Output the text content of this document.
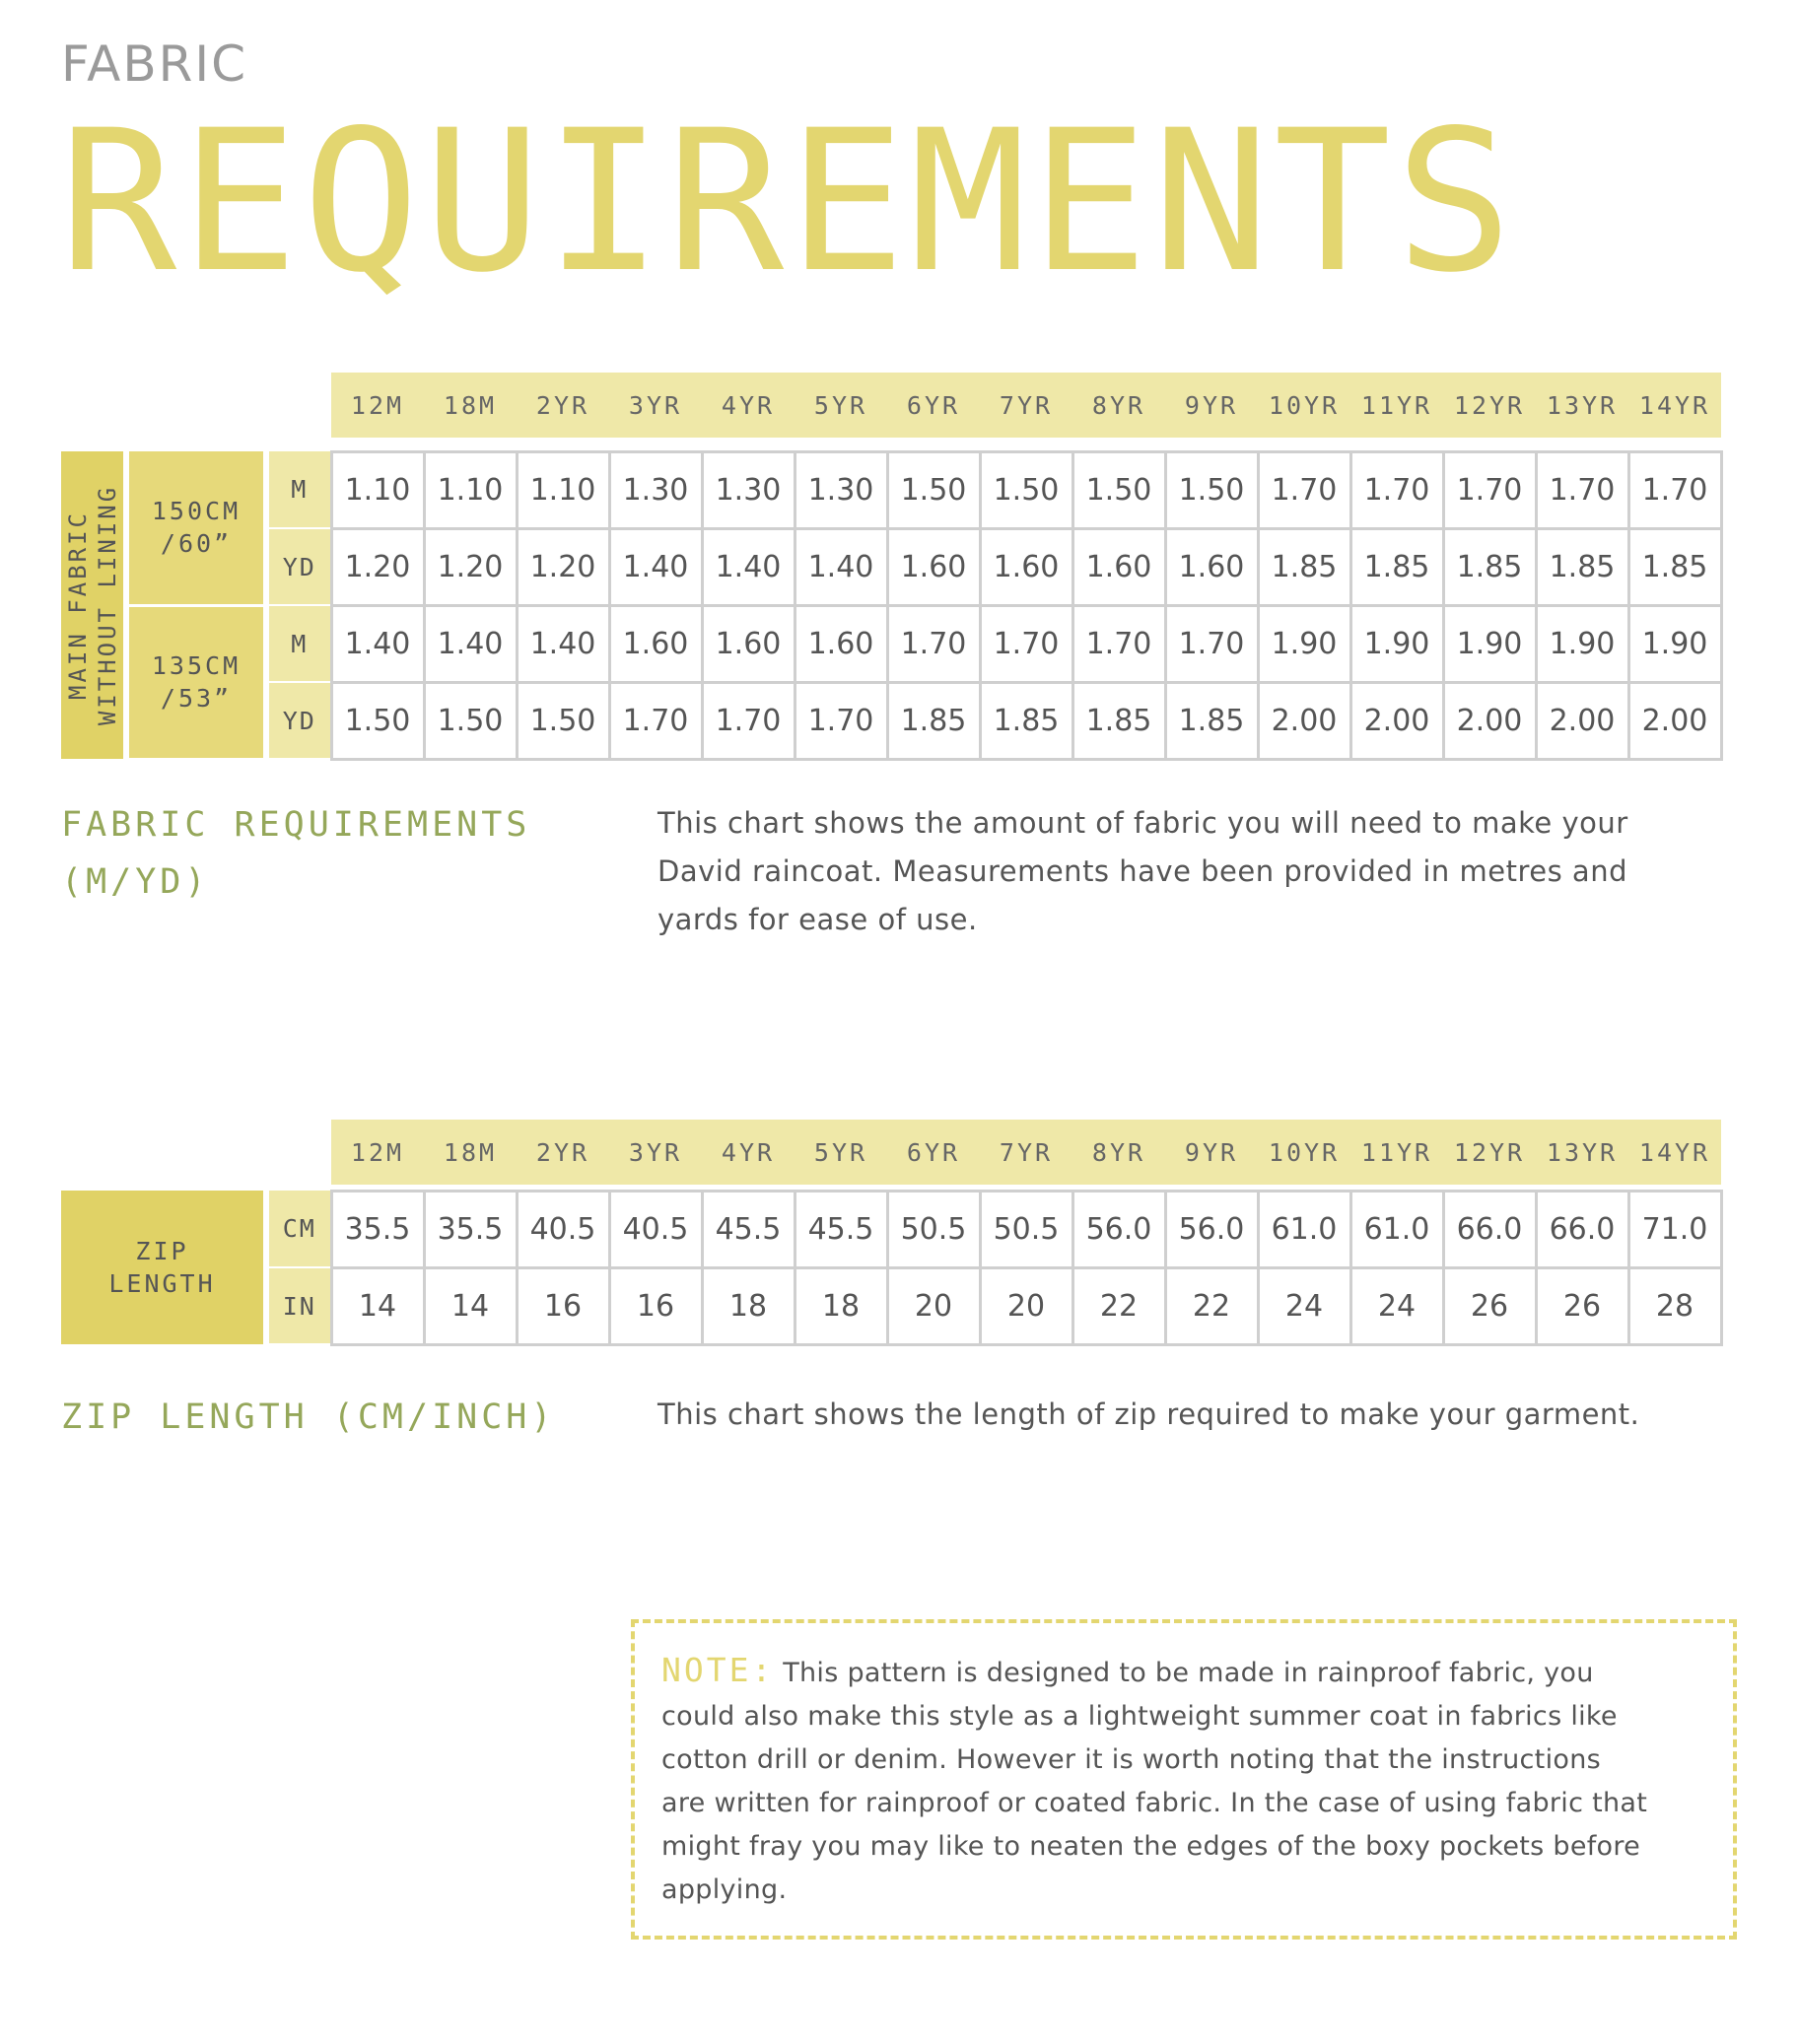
FABRIC
REQUIREMENTS
			12M	18M	2YR	3YR	4YR	5YR	6YR	7YR	8YR	9YR	10YR	11YR	12YR	13YR	14YR

MAIN FABRIC
WITHOUT LINING	150CM
/60”	M	1.10	1.10	1.10	1.30	1.30	1.30	1.50	1.50	1.50	1.50	1.70	1.70	1.70	1.70	1.70
		YD	1.20	1.20	1.20	1.40	1.40	1.40	1.60	1.60	1.60	1.60	1.85	1.85	1.85	1.85	1.85
	135CM
/53”	M	1.40	1.40	1.40	1.60	1.60	1.60	1.70	1.70	1.70	1.70	1.90	1.90	1.90	1.90	1.90
		YD	1.50	1.50	1.50	1.70	1.70	1.70	1.85	1.85	1.85	1.85	2.00	2.00	2.00	2.00	2.00
FABRIC REQUIREMENTS
(M/YD)
This chart shows the amount of fabric you will need to make your
David raincoat. Measurements have been provided in metres and
yards for ease of use.
		12M	18M	2YR	3YR	4YR	5YR	6YR	7YR	8YR	9YR	10YR	11YR	12YR	13YR	14YR

ZIP
LENGTH	CM	35.5	35.5	40.5	40.5	45.5	45.5	50.5	50.5	56.0	56.0	61.0	61.0	66.0	66.0	71.0
	IN	14	14	16	16	18	18	20	20	22	22	24	24	26	26	28
ZIP LENGTH (CM/INCH)	This chart shows the length of zip required to make your garment.
NOTE: This pattern is designed to be made in rainproof fabric, you
could also make this style as a lightweight summer coat in fabrics like
cotton drill or denim. However it is worth noting that the instructions
are written for rainproof or coated fabric. In the case of using fabric that
might fray you may like to neaten the edges of the boxy pockets before
applying.
